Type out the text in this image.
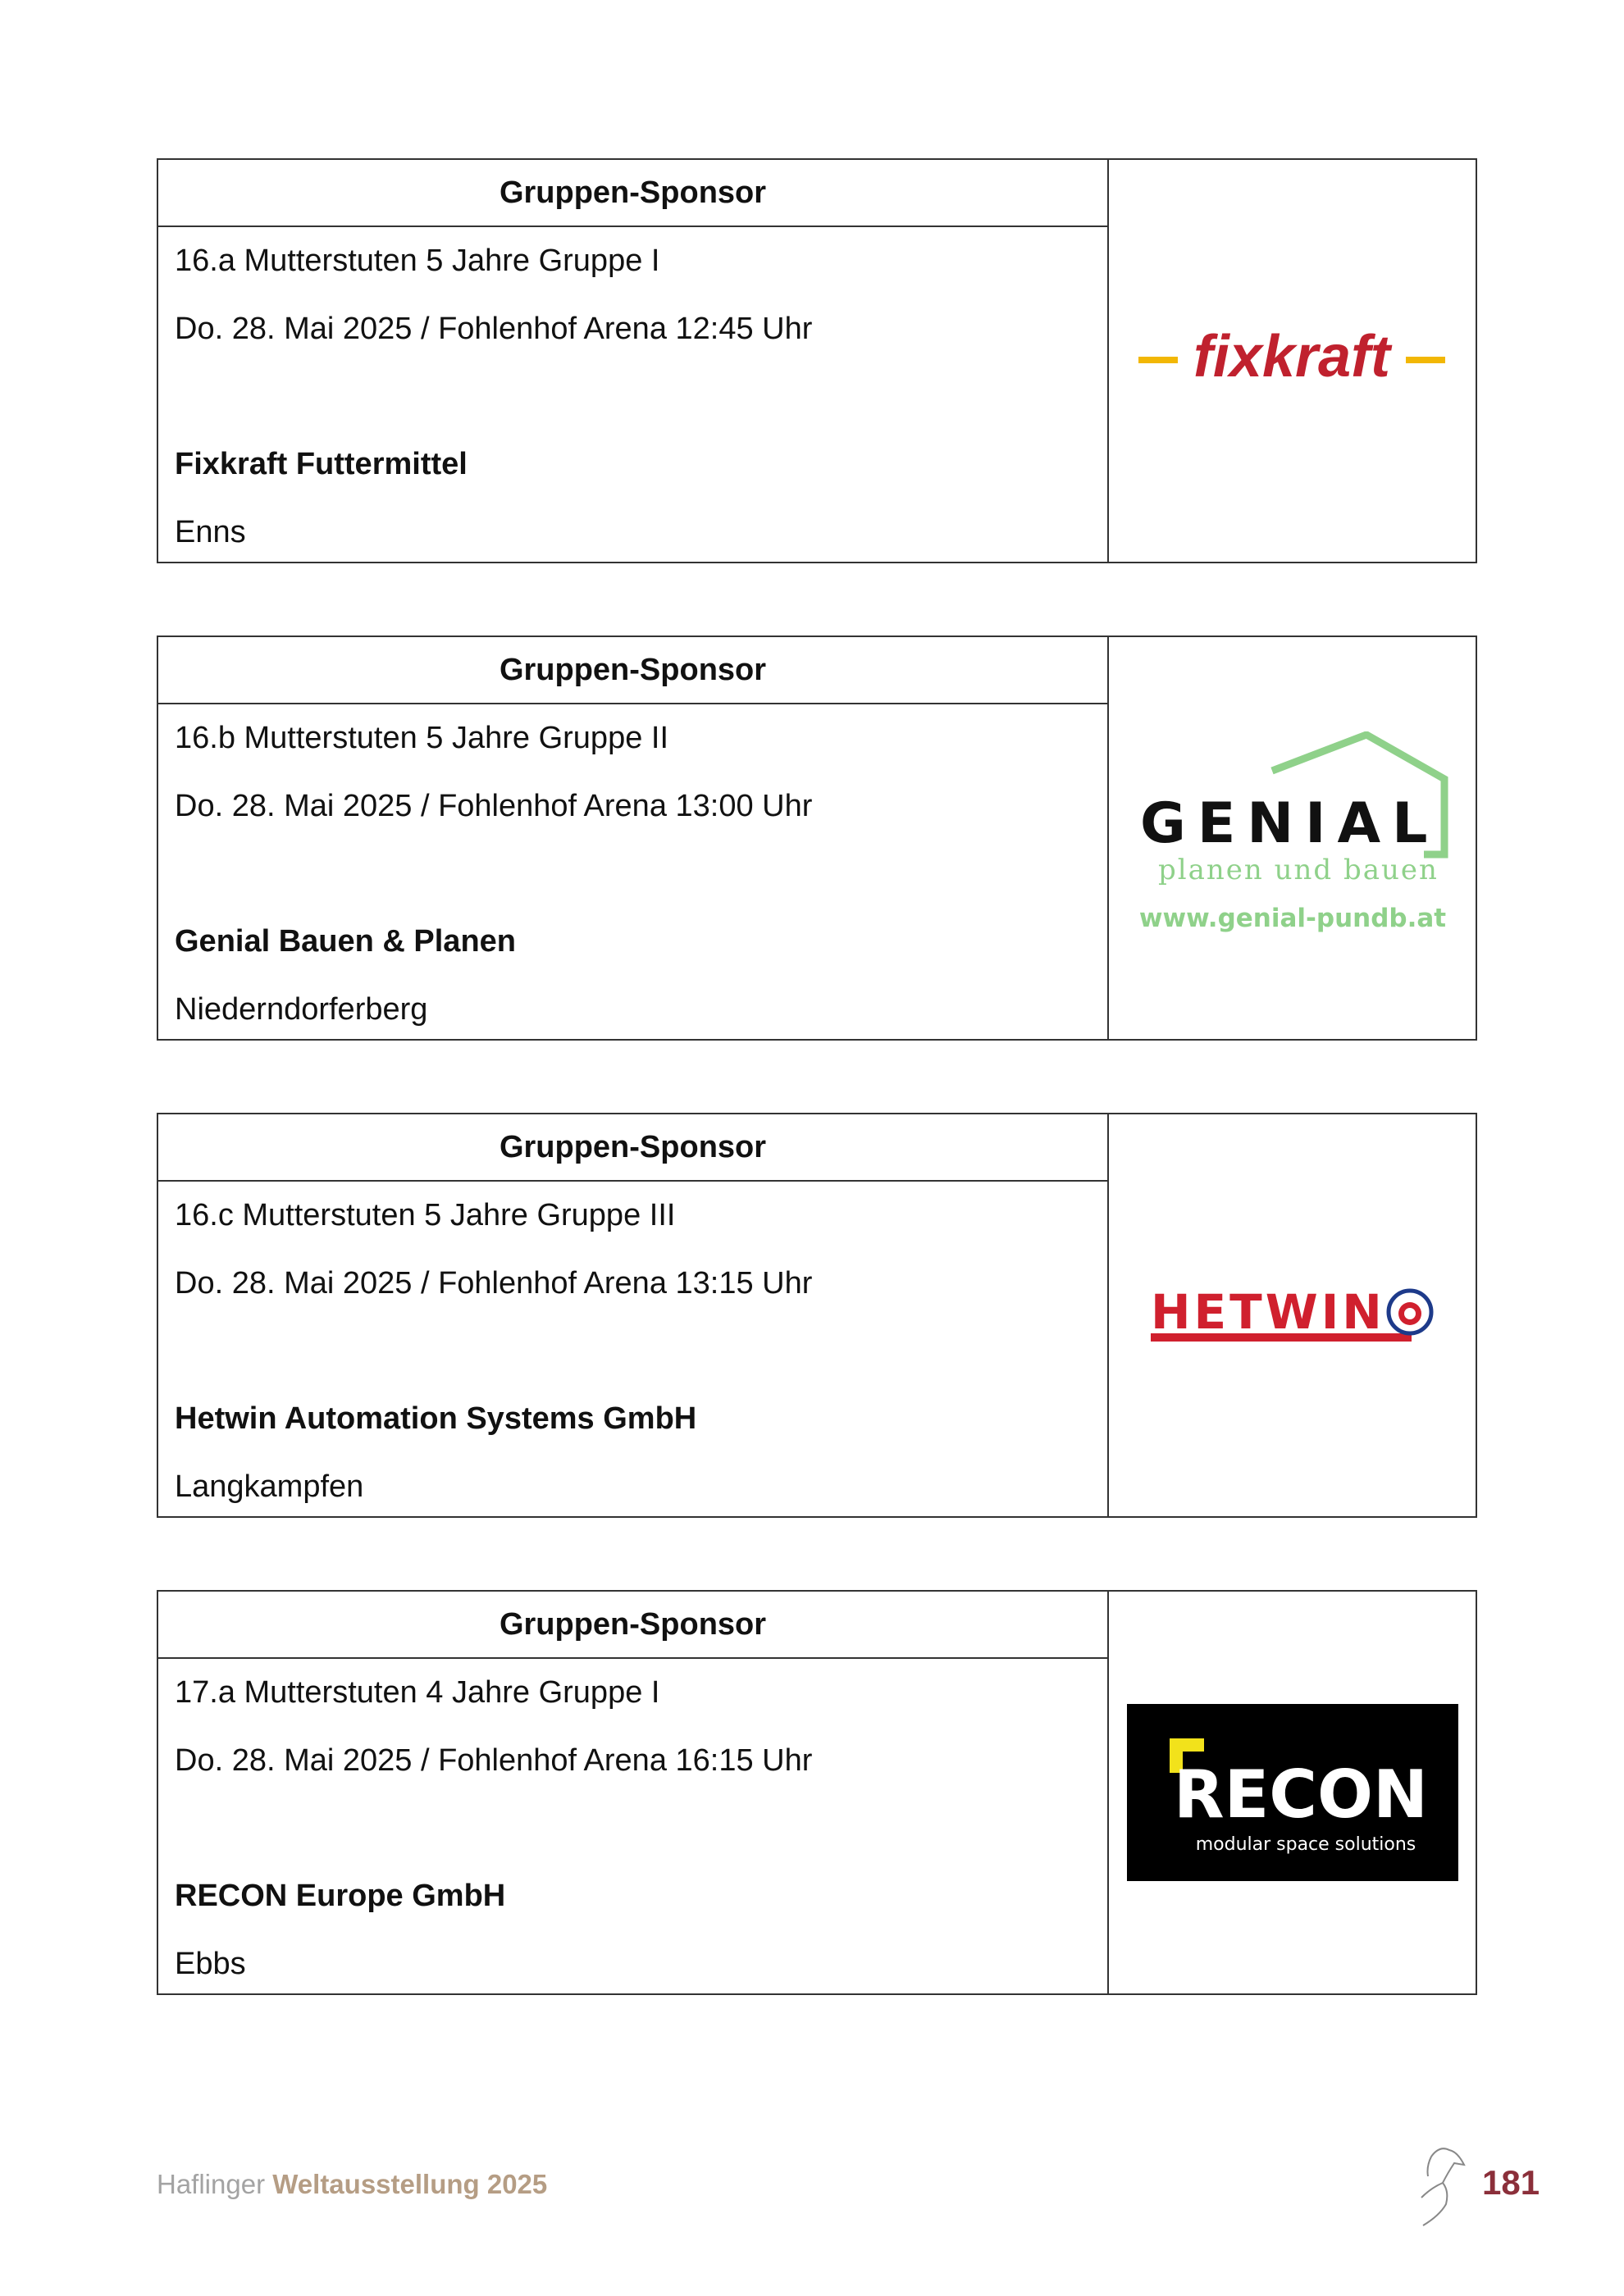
Gruppen-Sponsor
16.a Mutterstuten 5 Jahre Gruppe I
Do. 28. Mai 2025 / Fohlenhof Arena 12:45 Uhr
Fixkraft Futtermittel
Enns
fixkraft
Gruppen-Sponsor
16.b Mutterstuten 5 Jahre Gruppe II
Do. 28. Mai 2025 / Fohlenhof Arena 13:00 Uhr
Genial Bauen & Planen
Niederndorferberg
GENIAL
planen und bauen
www.genial-pundb.at
Gruppen-Sponsor
16.c Mutterstuten 5 Jahre Gruppe III
Do. 28. Mai 2025 / Fohlenhof Arena 13:15 Uhr
Hetwin Automation Systems GmbH
Langkampfen
HETWIN
Gruppen-Sponsor
17.a Mutterstuten 4 Jahre Gruppe I
Do. 28. Mai 2025 / Fohlenhof Arena 16:15 Uhr
RECON Europe GmbH
Ebbs
RECON
modular space solutions
Haflinger Weltausstellung 2025	181
